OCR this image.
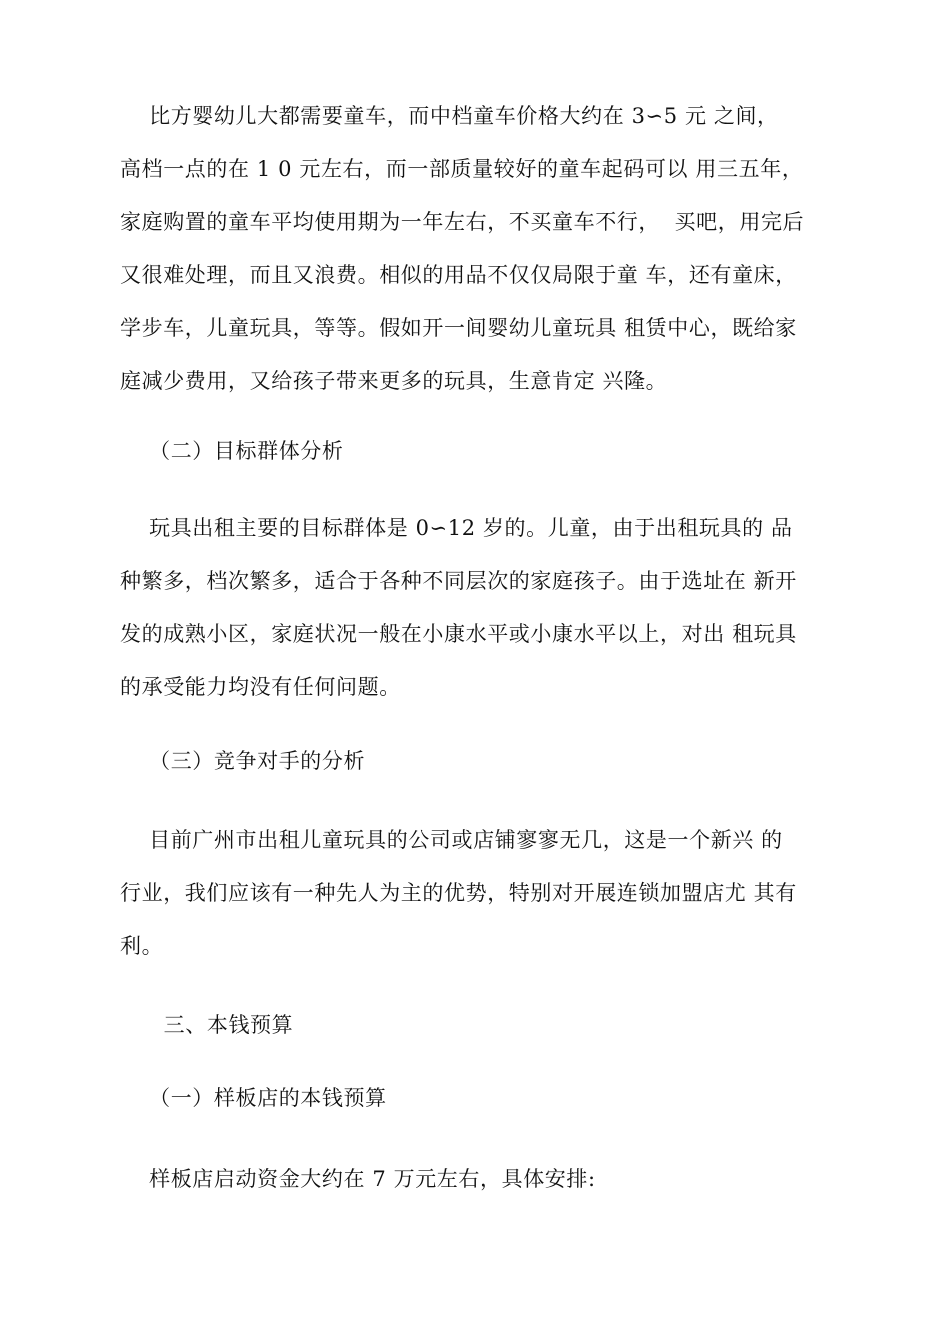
比方婴幼儿大都需要童车，而中档童车价格大约在 3∽5 元 之间，
高档一点的在 1 0 元左右，而一部质量较好的童车起码可以 用三五年，
家庭购置的童车平均使用期为一年左右，不买童车不行，  买吧，用完后
又很难处理，而且又浪费。相似的用品不仅仅局限于童 车，还有童床，
学步车，儿童玩具，等等。假如开一间婴幼儿童玩具 租赁中心，既给家
庭减少费用，又给孩子带来更多的玩具，生意肯定 兴隆。
（二）目标群体分析
玩具出租主要的目标群体是 0∽12 岁的。儿童，由于出租玩具的 品
种繁多，档次繁多，适合于各种不同层次的家庭孩子。由于选址在 新开
发的成熟小区，家庭状况一般在小康水平或小康水平以上，对出 租玩具
的承受能力均没有任何问题。
（三）竞争对手的分析
目前广州市出租儿童玩具的公司或店铺寥寥无几，这是一个新兴 的
行业，我们应该有一种先人为主的优势，特别对开展连锁加盟店尤 其有
利。
三、本钱预算
（一）样板店的本钱预算
样板店启动资金大约在 7 万元左右，具体安排:
